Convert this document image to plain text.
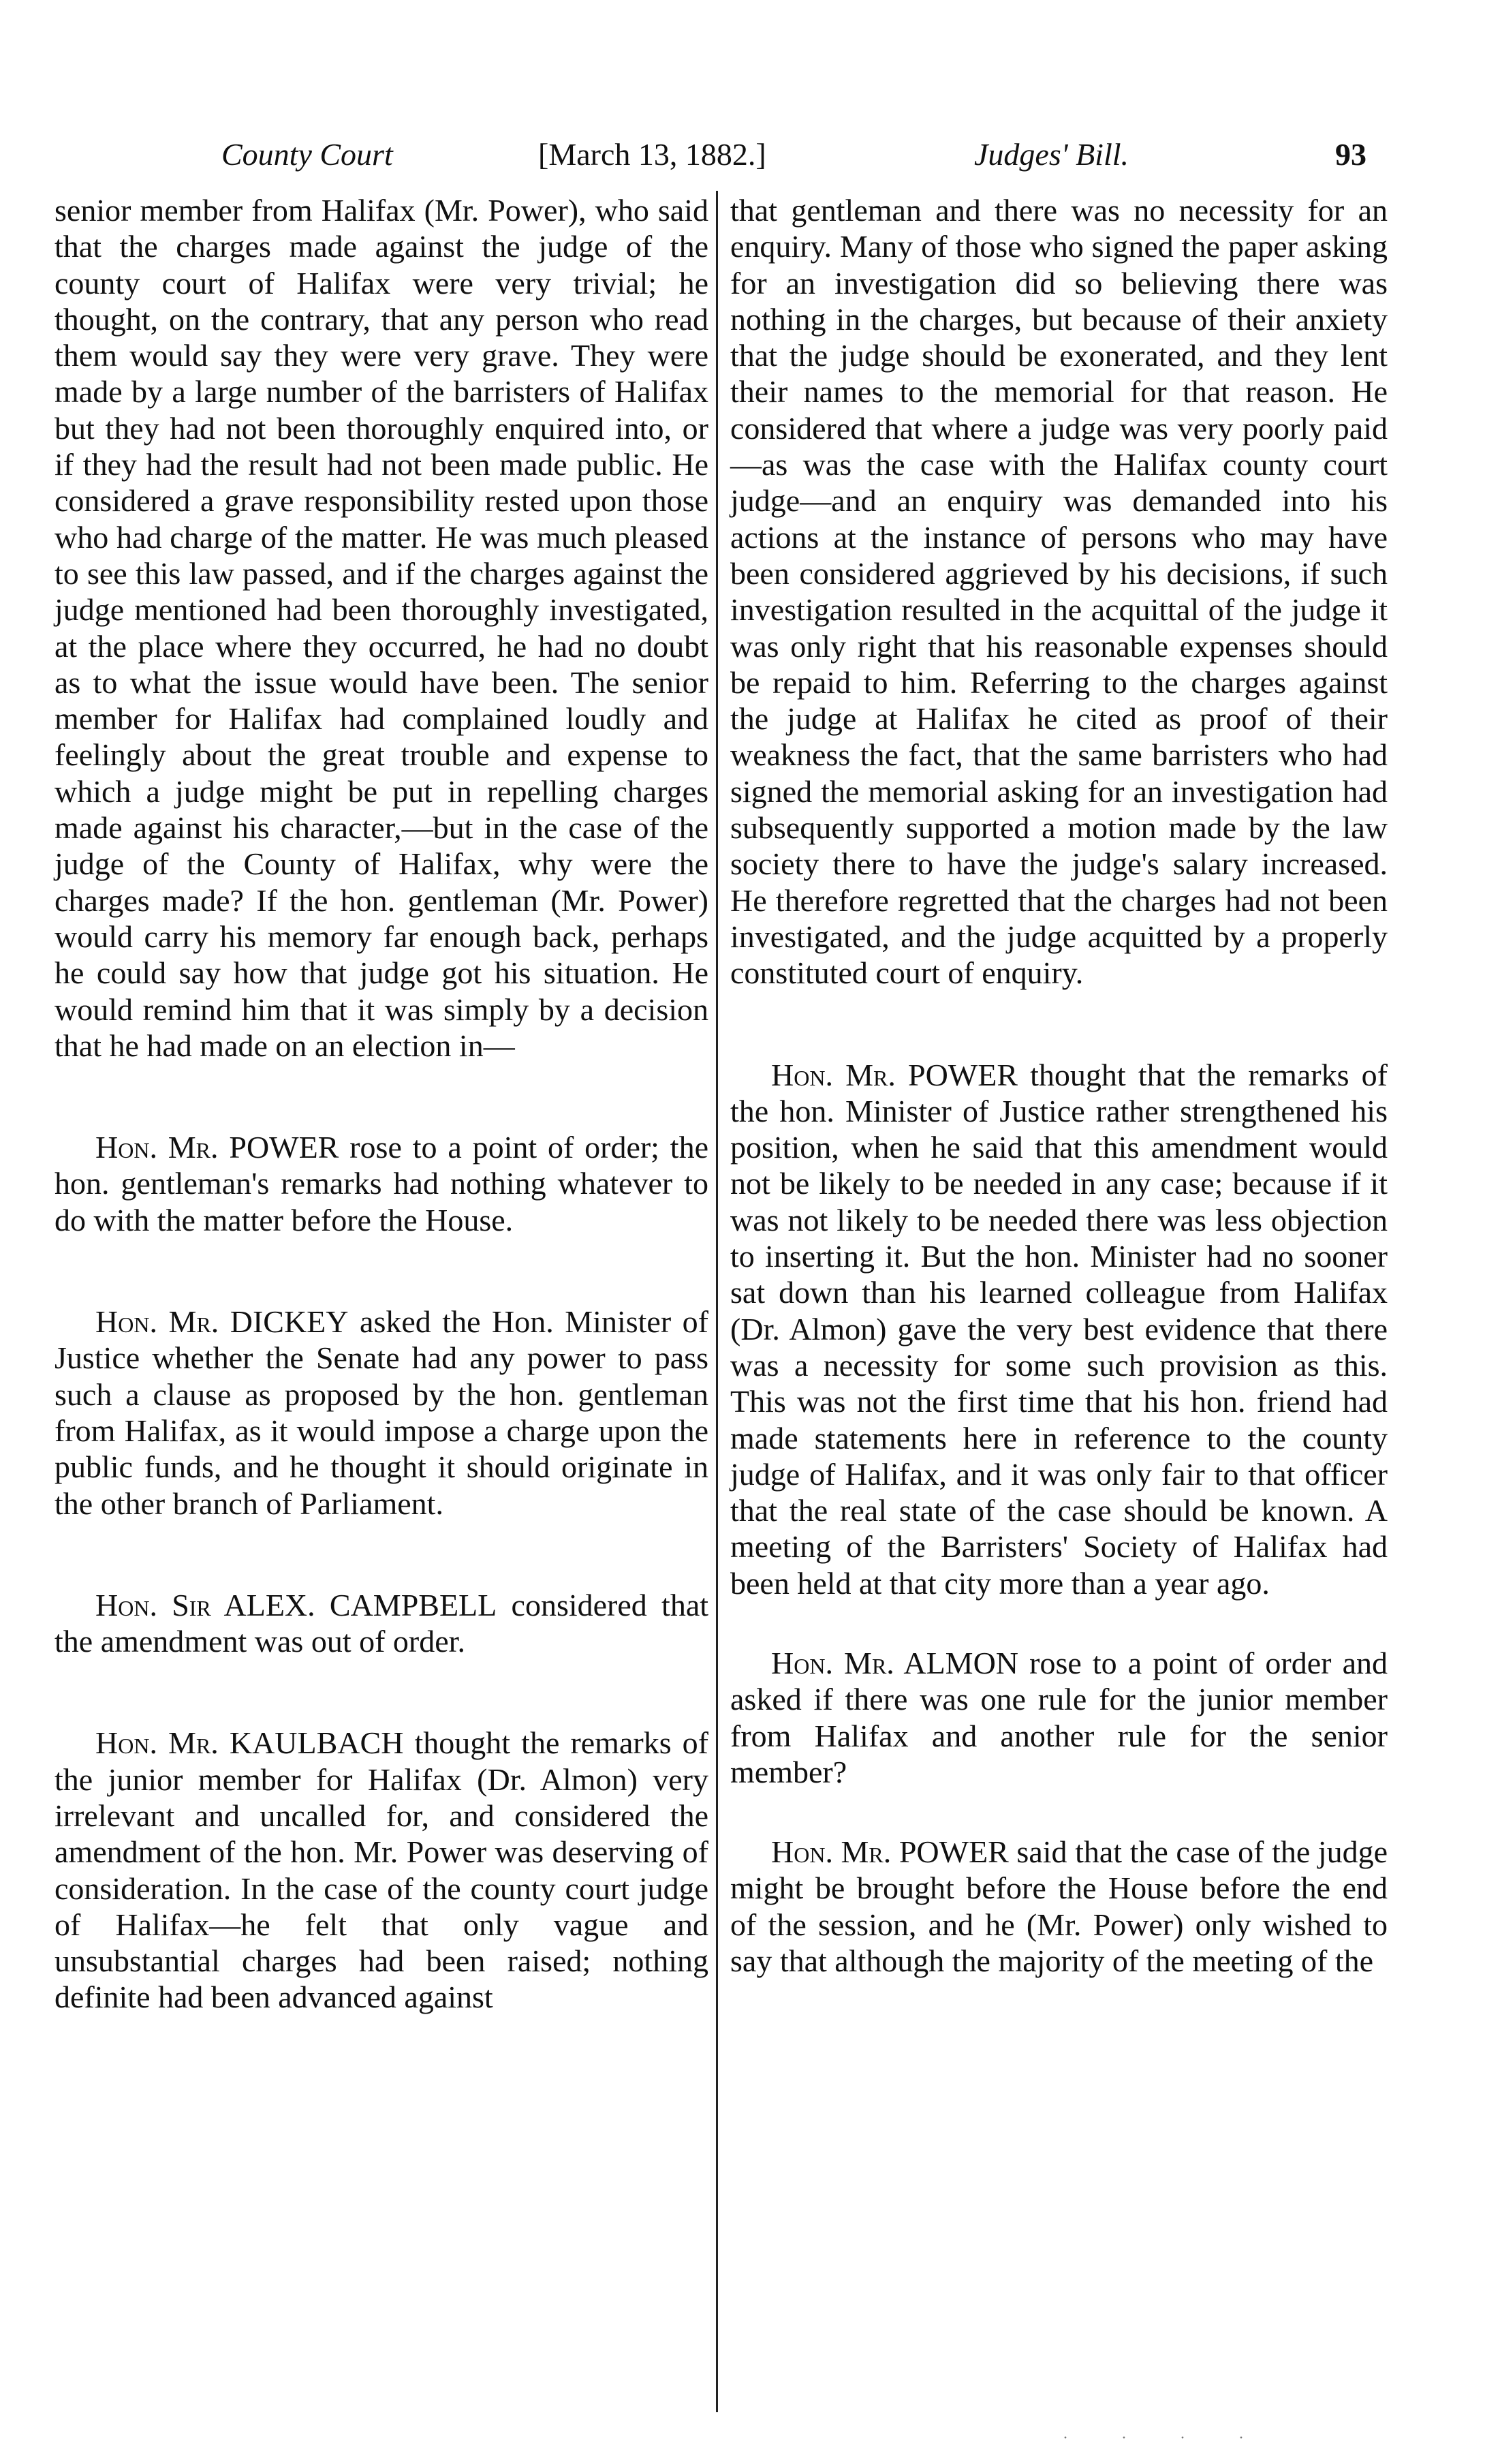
County Court	[March 13, 1882.]	Judges' Bill.	93

senior member from Halifax (Mr. Power), who said that the charges made against the judge of the county court of Halifax were very trivial; he thought, on the contrary, that any person who read them would say they were very grave. They were made by a large number of the barristers of Halifax but they had not been thoroughly enquired into, or if they had the result had not been made public. He considered a grave responsibility rested upon those who had charge of the matter. He was much pleased to see this law passed, and if the charges against the judge mentioned had been thoroughly investigated, at the place where they occurred, he had no doubt as to what the issue would have been. The senior member for Halifax had complained loudly and feelingly about the great trouble and expense to which a judge might be put in repelling charges made against his character,—but in the case of the judge of the County of Halifax, why were the charges made? If the hon. gentleman (Mr. Power) would carry his memory far enough back, perhaps he could say how that judge got his situation. He would remind him that it was simply by a decision that he had made on an election in—

Hon. Mr. POWER rose to a point of order; the hon. gentleman's remarks had nothing whatever to do with the matter before the House.

Hon. Mr. DICKEY asked the Hon. Minister of Justice whether the Senate had any power to pass such a clause as proposed by the hon. gentleman from Halifax, as it would impose a charge upon the public funds, and he thought it should originate in the other branch of Parliament.

Hon. Sir ALEX. CAMPBELL considered that the amendment was out of order.

Hon. Mr. KAULBACH thought the remarks of the junior member for Halifax (Dr. Almon) very irrelevant and uncalled for, and considered the amendment of the hon. Mr. Power was deserving of consideration. In the case of the county court judge of Halifax—he felt that only vague and unsubstantial charges had been raised; nothing definite had been advanced against

that gentleman and there was no necessity for an enquiry. Many of those who signed the paper asking for an investigation did so believing there was nothing in the charges, but because of their anxiety that the judge should be exonerated, and they lent their names to the memorial for that reason. He considered that where a judge was very poorly paid—as was the case with the Halifax county court judge—and an enquiry was demanded into his actions at the instance of persons who may have been considered aggrieved by his decisions, if such investigation resulted in the acquittal of the judge it was only right that his reasonable expenses should be repaid to him. Referring to the charges against the judge at Halifax he cited as proof of their weakness the fact, that the same barristers who had signed the memorial asking for an investigation had subsequently supported a motion made by the law society there to have the judge's salary increased. He therefore regretted that the charges had not been investigated, and the judge acquitted by a properly constituted court of enquiry.

Hon. Mr. POWER thought that the remarks of the hon. Minister of Justice rather strengthened his position, when he said that this amendment would not be likely to be needed in any case; because if it was not likely to be needed there was less objection to inserting it. But the hon. Minister had no sooner sat down than his learned colleague from Halifax (Dr. Almon) gave the very best evidence that there was a necessity for some such provision as this. This was not the first time that his hon. friend had made statements here in reference to the county judge of Halifax, and it was only fair to that officer that the real state of the case should be known. A meeting of the Barristers' Society of Halifax had been held at that city more than a year ago.

Hon. Mr. ALMON rose to a point of order and asked if there was one rule for the junior member from Halifax and another rule for the senior member?

Hon. Mr. POWER said that the case of the judge might be brought before the House before the end of the session, and he (Mr. Power) only wished to say that although the majority of the meeting of the

· · · ·
